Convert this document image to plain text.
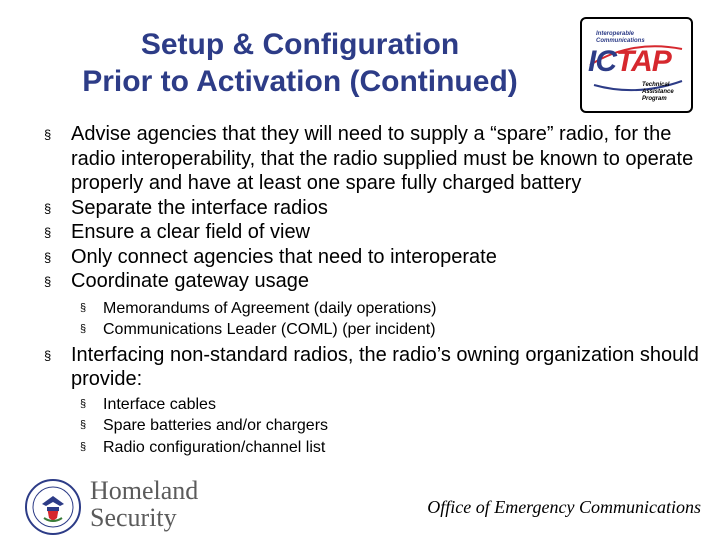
Setup & Configuration
Prior to Activation (Continued)
Interoperable
Communications
ICTAP
Technical
Assistance
Program
§ Advise agencies that they will need to supply a “spare” radio, for the radio interoperability, that the radio supplied must be known to operate properly and have at least one spare fully charged battery
§ Separate the interface radios
§ Ensure a clear field of view
§ Only connect agencies that need to interoperate
§ Coordinate gateway usage
§ Memorandums of Agreement (daily operations)
§ Communications Leader (COML) (per incident)
§ Interfacing non-standard radios, the radio’s owning organization should provide:
§ Interface cables
§ Spare batteries and/or chargers
§ Radio configuration/channel list
Homeland
Security	Office of Emergency Communications
